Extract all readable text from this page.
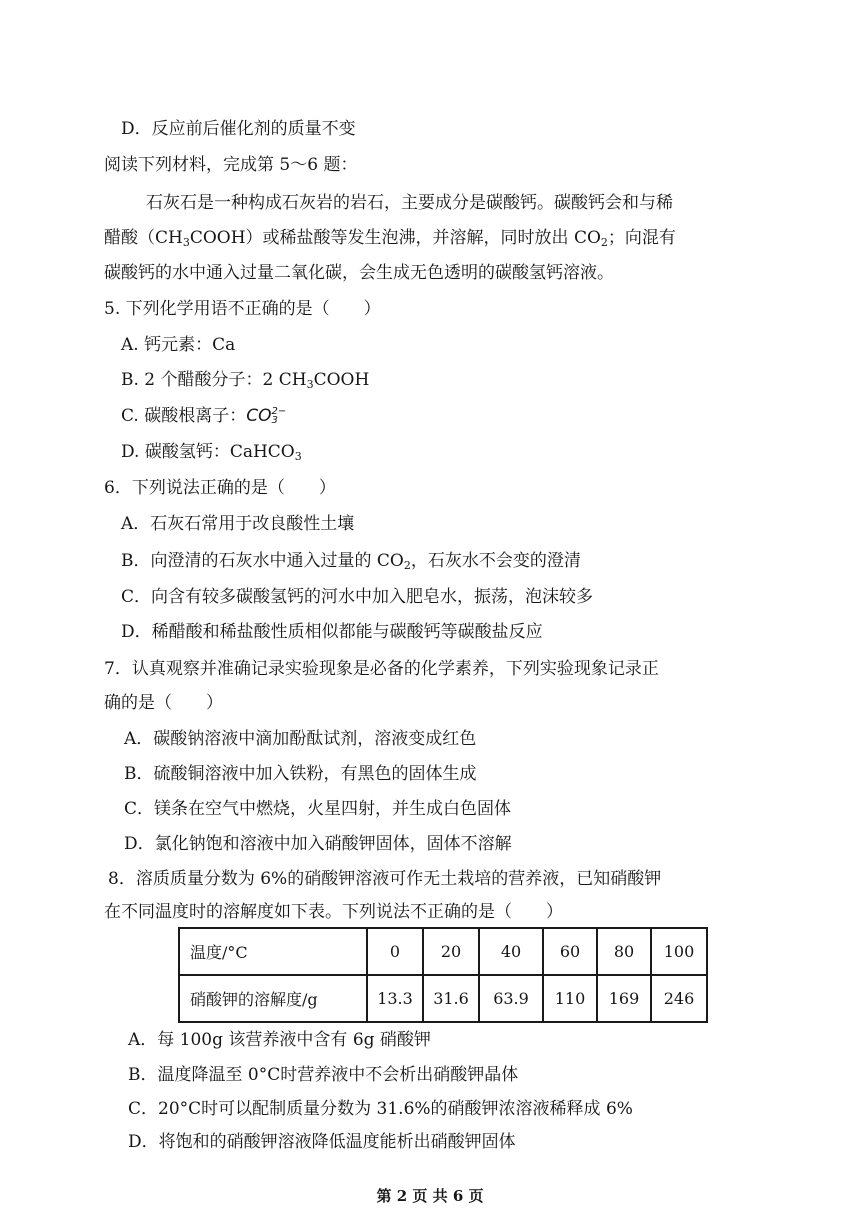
D．反应前后催化剂的质量不变
阅读下列材料，完成第 5～6 题：
石灰石是一种构成石灰岩的岩石，主要成分是碳酸钙。碳酸钙会和与稀
醋酸$(CH_3COOH)$或稀盐酸等发生泡沸，并溶解，同时放出 $CO_2$；向混有
碳酸钙的水中通入过量二氧化碳，会生成无色透明的碳酸氢钙溶液。
5. 下列化学用语不正确的是（　　）
A. 钙元素：Ca
B. 2 个醋酸分子：2 $CH_3COOH$
C. 碳酸根离子：CO 2−
3
D. 碳酸氢钙：CaHCO$_3$
6．下列说法正确的是（　　）
A．石灰石常用于改良酸性土壤
B．向澄清的石灰水中通入过量的 $CO_2$，石灰水不会变的澄清
C．向含有较多碳酸氢钙的河水中加入肥皂水，振荡，泡沫较多
D．稀醋酸和稀盐酸性质相似都能与碳酸钙等碳酸盐反应
7．认真观察并准确记录实验现象是必备的化学素养，下列实验现象记录正
确的是（　　）
A．碳酸钠溶液中滴加酚酞试剂，溶液变成红色
B．硫酸铜溶液中加入铁粉，有黑色的固体生成
C．镁条在空气中燃烧，火星四射，并生成白色固体
D．氯化钠饱和溶液中加入硝酸钾固体，固体不溶解
8．溶质质量分数为 6%的硝酸钾溶液可作无土栽培的营养液，已知硝酸钾
在不同温度时的溶解度如下表。下列说法不正确的是（　　）
温度/°C	0	20	40	60	80	100
硝酸钾的溶解度/g	13.3	31.6	63.9	110	169	246
A．每 100g 该营养液中含有 6g 硝酸钾
B．温度降温至 0°C时营养液中不会析出硝酸钾晶体
C．20°C时可以配制质量分数为 31.6%的硝酸钾浓溶液稀释成 6%
D．将饱和的硝酸钾溶液降低温度能析出硝酸钾固体
第 2 页 共 6 页
